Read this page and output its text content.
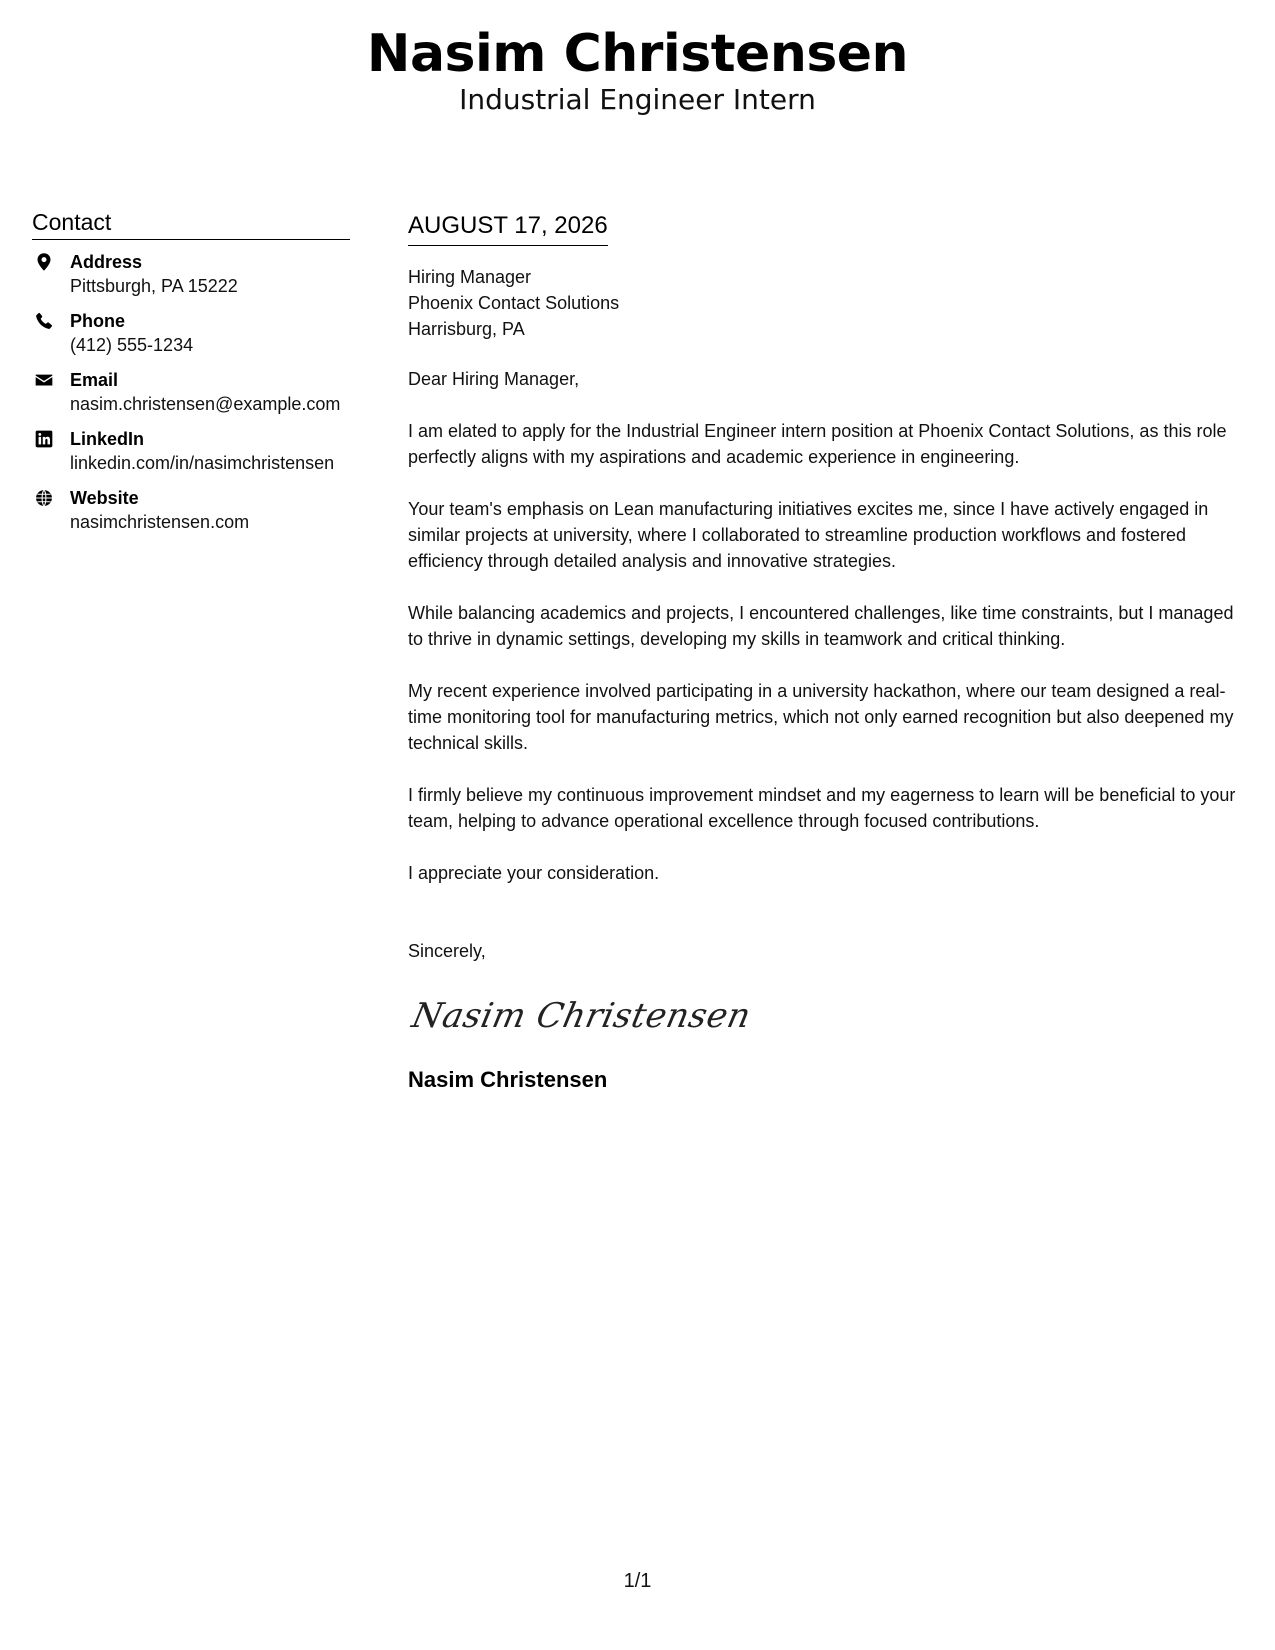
Nasim Christensen
Industrial Engineer Intern
Contact
Address
Pittsburgh, PA 15222
Phone
(412) 555-1234
Email
nasim.christensen@example.com
LinkedIn
linkedin.com/in/nasimchristensen
Website
nasimchristensen.com
AUGUST 17, 2026
Hiring Manager
Phoenix Contact Solutions
Harrisburg, PA

Dear Hiring Manager,

I am elated to apply for the Industrial Engineer intern position at Phoenix Contact Solutions, as this role perfectly aligns with my aspirations and academic experience in engineering.

Your team's emphasis on Lean manufacturing initiatives excites me, since I have actively engaged in similar projects at university, where I collaborated to streamline production workflows and fostered efficiency through detailed analysis and innovative strategies.

While balancing academics and projects, I encountered challenges, like time constraints, but I managed to thrive in dynamic settings, developing my skills in teamwork and critical thinking.

My recent experience involved participating in a university hackathon, where our team designed a real-time monitoring tool for manufacturing metrics, which not only earned recognition but also deepened my technical skills.

I firmly believe my continuous improvement mindset and my eagerness to learn will be beneficial to your team, helping to advance operational excellence through focused contributions.

I appreciate your consideration.

Sincerely,
Nasim Christensen
Nasim Christensen
1/1
